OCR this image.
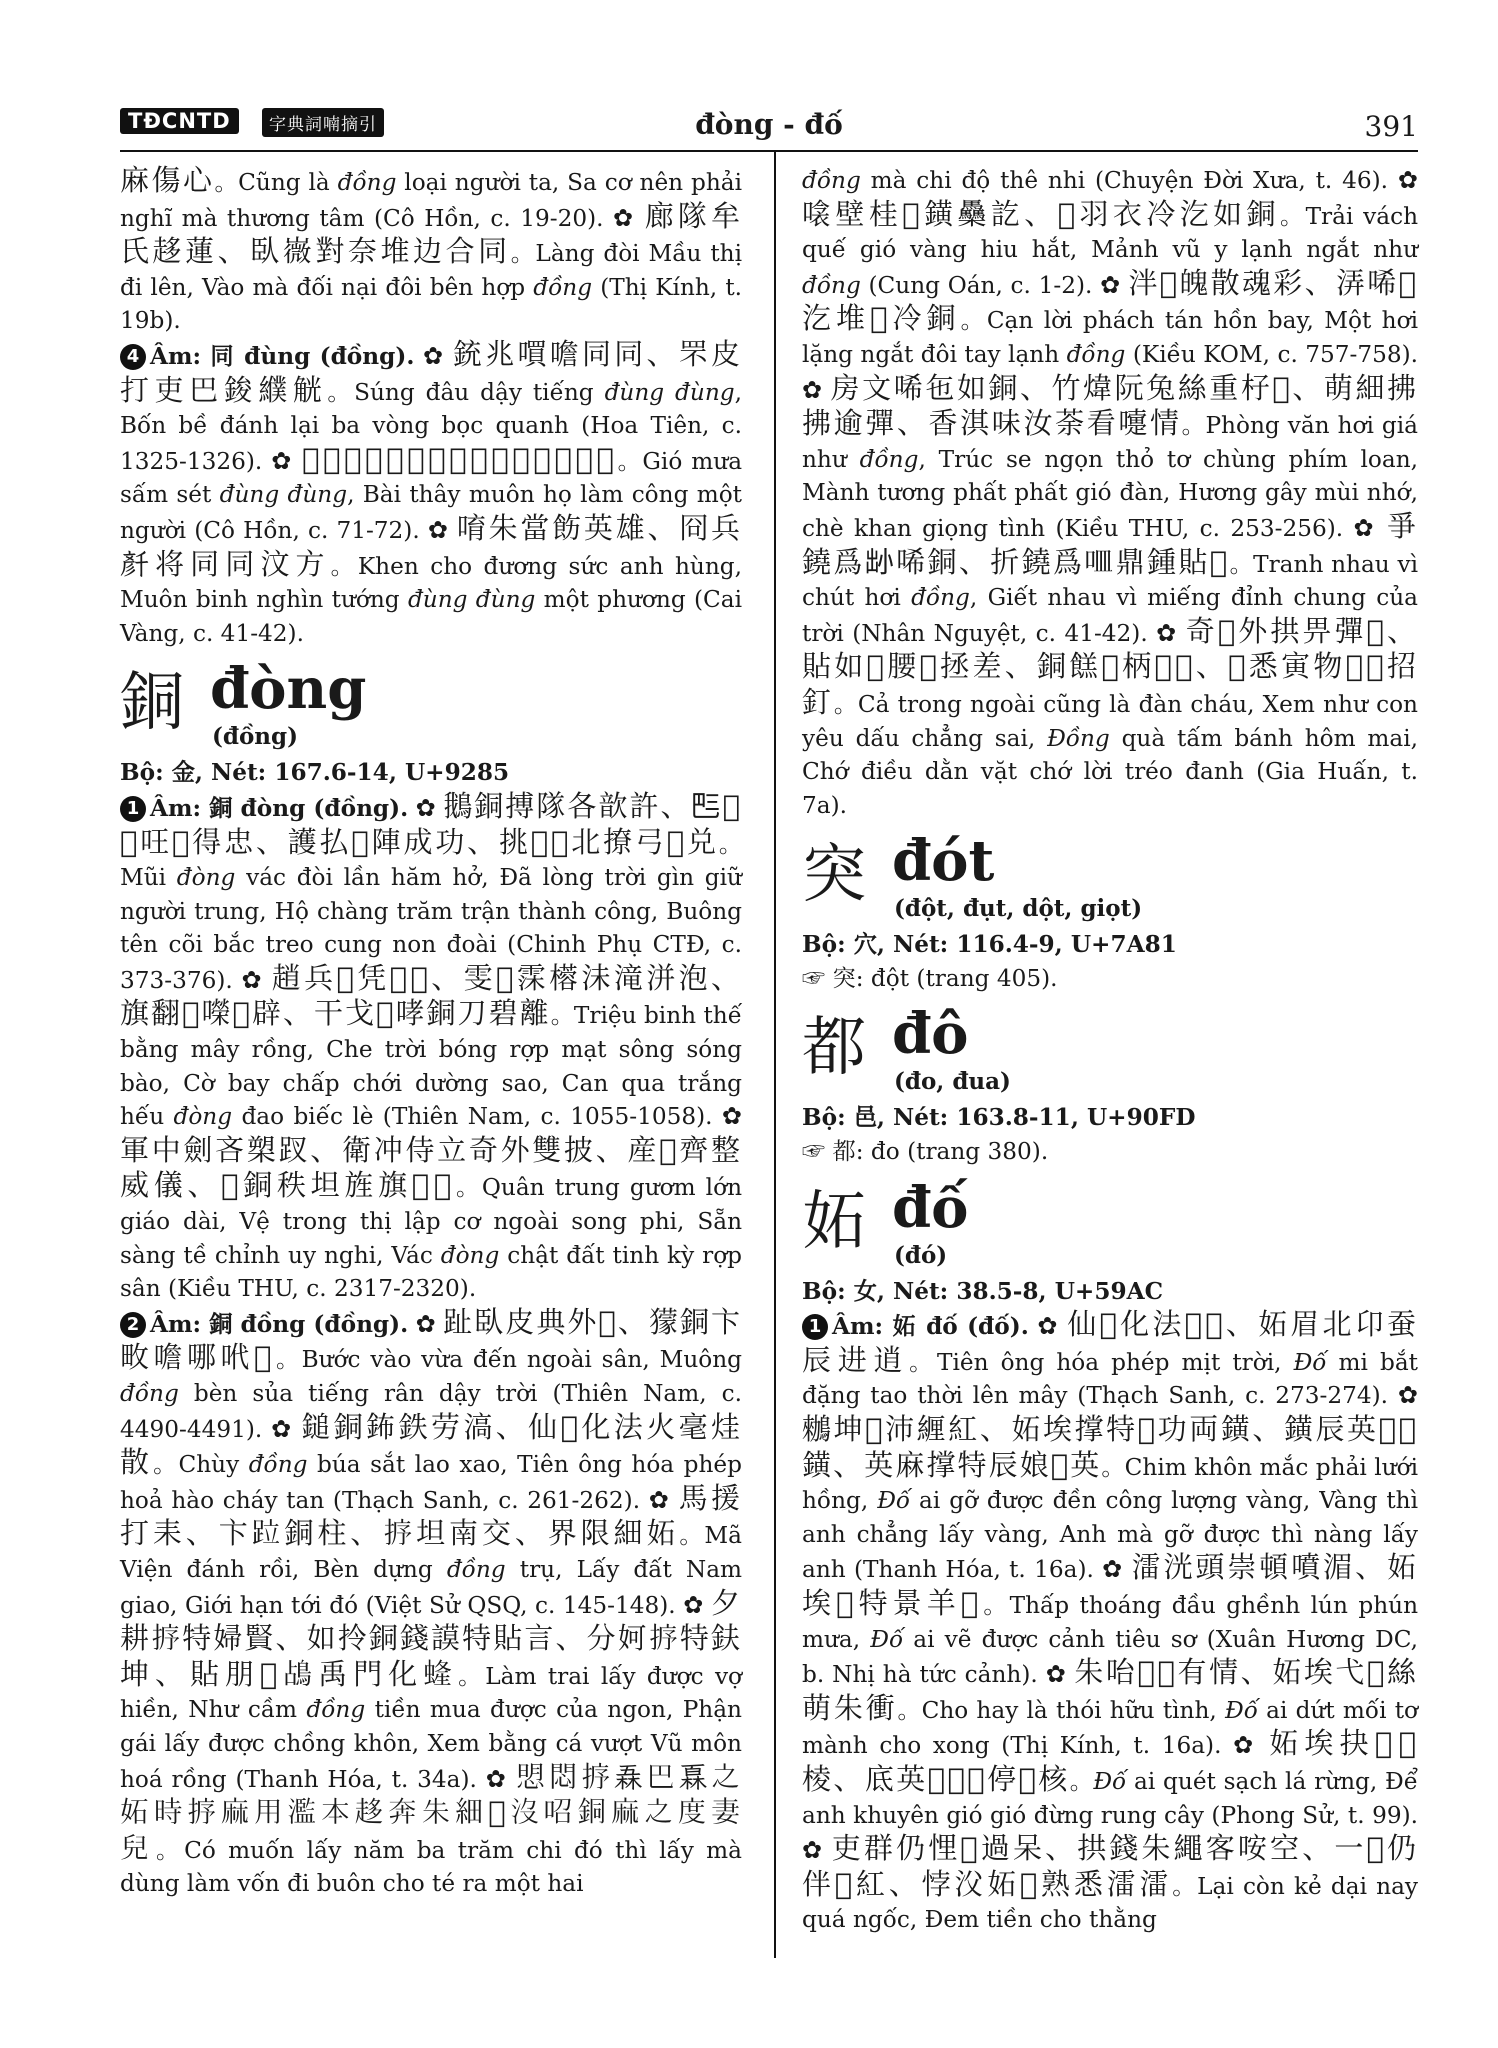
TĐCNTD	字典詞喃摘引	đòng - đố	391

麻傷心。Cũng là đồng loại người ta, Sa cơ nên phải nghĩ mà thương tâm (Cô Hồn, c. 19-20). ✿ 廊隊牟氏趍蓮、臥嶶對奈堆边合同。Làng đòi Mầu thị đi lên, Vào mà đối nại đôi bên hợp đồng (Thị Kính, t. 19b).

4 Âm: 同 đùng (đồng). ✿ 銃兆嘪噡同同、罘皮打吏巴鋑纀觥。Súng đâu dậy tiếng đùng đùng, Bốn bề đánh lại ba vòng bọc quanh (Hoa Tiên, c. 1325-1326). ✿ 𩙌淚霳雳同同、排屍閉戶夕功没𠊛。Gió mưa sấm sét đùng đùng, Bài thây muôn họ làm công một người (Cô Hồn, c. 71-72). ✿ 唷朱當飭英雄、冏兵𠦳将同同汶方。Khen cho đương sức anh hùng, Muôn binh nghìn tướng đùng đùng một phương (Cai Vàng, c. 41-42).

銅 đòng
(đồng)

Bộ: 金, Nét: 167.6-14, U+9285

1 Âm: 銅 đòng (đồng). ✿ 鵝銅搏隊各歆許、𠀧𢆥𡗶㕵𢧚得忠、護払𡓇陣成功、挑𣚵𠡚北撩弓𡛔兑。Mũi đòng vác đòi lần hăm hở, Đã lòng trời gìn giữ người trung, Hộ chàng trăm trận thành công, Buông tên cõi bắc treo cung non đoài (Chinh Phụ CTĐ, c. 373-376). ✿ 趙兵𢾿凭𨘱𧍰、雯𡗶霂㯴沬滝洴泡、旗翻𤉜㘇𧰾辟、干戈𣌝哮銅刀碧離。Triệu binh thế bằng mây rồng, Che trời bóng rợp mạt sông sóng bào, Cờ bay chấp chới dường sao, Can qua trắng hếu đòng đao biếc lè (Thiên Nam, c. 1055-1058). ✿ 軍中劍吝槊䟕、衛冲侍立奇外雙披、産𤗆齊整威儀、𢹣銅秩坦旌旗𣘛𡐙。Quân trung gươm lớn giáo dài, Vệ trong thị lập cơ ngoài song phi, Sẵn sàng tề chỉnh uy nghi, Vác đòng chật đất tinh kỳ rợp sân (Kiều THU, c. 2317-2320).

2 Âm: 銅 đồng (đồng). ✿ 趾臥皮典外𡐙、獴銅卞畋噡哪𠰺𡗶。Bước vào vừa đến ngoài sân, Muông đồng bèn sủa tiếng rân dậy trời (Thiên Nam, c. 4490-4491). ✿ 鎚銅鈽鉄劳滈、仙𦓅化法火毫烓散。Chùy đồng búa sắt lao xao, Tiên ông hóa phép hoả hào cháy tan (Thạch Sanh, c. 261-262). ✿ 馬援打耒、卞𨀎銅柱、𢭸坦南交、界限細妬。Mã Viện đánh rồi, Bèn dựng đồng trụ, Lấy đất Nam giao, Giới hạn tới đó (Việt Sử QSQ, c. 145-148). ✿ 夕耕𢭸特婦賢、如拎銅錢謨特貼言、分妸𢭸特鈇坤、貼朋𠆳𪀄禹門化𧍰。Làm trai lấy được vợ hiền, Như cầm đồng tiền mua được của ngon, Phận gái lấy được chồng khôn, Xem bằng cá vượt Vũ môn hoá rồng (Thanh Hóa, t. 34a). ✿ 𢜏悶𢭸𠄻巴𤾓之妬時𢭸麻用濫本趍奔朱細𠺵沒𠰉銅麻之度妻兒。Có muốn lấy năm ba trăm chi đó thì lấy mà dùng làm vốn đi buôn cho té ra một hai

đồng mà chi độ thê nhi (Chuyện Đời Xưa, t. 46). ✿ 𠹸壁桂𩙌鐄䯂訖、𠒥羽衣冷汔如銅。Trải vách quế gió vàng hiu hắt, Mảnh vũ y lạnh ngắt như đồng (Cung Oán, c. 1-2). ✿ 泮𡀳魄散魂彩、㳥唏𣼲汔堆𢬣冷銅。Cạn lời phách tán hồn bay, Một hơi lặng ngắt đôi tay lạnh đồng (Kiều KOM, c. 757-758). ✿ 房文唏㐌如銅、竹煒阮兔絲重杍𩀳、萌細拂拂逾彈、香淇味汝荼看嚏情。Phòng văn hơi giá như đồng, Trúc se ngọn thỏ tơ chùng phím loan, Mành tương phất phất gió đàn, Hương gây mùi nhớ, chè khan giọng tình (Kiều THU, c. 253-256). ✿ 爭鐃爲𡭧唏銅、折鐃爲𠰘鼎鍾貼𡗶。Tranh nhau vì chút hơi đồng, Giết nhau vì miếng đỉnh chung của trời (Nhân Nguyệt, c. 41-42). ✿ 奇𦹵外拱畀彈𡥙、貼如𥘷腰𤍶拯差、銅餻𦚖柄𣈕𣈖、𦒹悉寅物𦒹𡀳招釘。Cả trong ngoài cũng là đàn cháu, Xem như con yêu dấu chẳng sai, Đồng quà tấm bánh hôm mai, Chớ điều dằn vặt chớ lời tréo đanh (Gia Huấn, t. 7a).

突 đót
(đột, đụt, dột, giọt)

Bộ: 穴, Nét: 116.4-9, U+7A81

☞ 突: đột (trang 405).

都 đô
(đo, đua)

Bộ: 邑, Nét: 163.8-11, U+90FD

☞ 都: đo (trang 380).

妬 đố
(đó)

Bộ: 女, Nét: 38.5-8, U+59AC

1 Âm: 妬 đố (đố). ✿ 仙𦓅化法𩄲𡗶、妬眉北卬蚕辰进逍。Tiên ông hóa phép mịt trời, Đố mi bắt đặng tao thời lên mây (Thạch Sanh, c. 273-274). ✿ 䳵坤𪓇沛緾紅、妬埃撑特𡊲功両鐄、鐄辰英𢭸𢭸鐄、英麻撑特辰娘𢭸英。Chim khôn mắc phải lưới hồng, Đố ai gỡ được đền công lượng vàng, Vàng thì anh chẳng lấy vàng, Anh mà gỡ được thì nàng lấy anh (Thanh Hóa, t. 16a). ✿ 㵢洸頭崇頓噴湄、妬埃𦘧特景羊𨆢。Thấp thoáng đầu ghềnh lún phún mưa, Đố ai vẽ được cảnh tiêu sơ (Xuân Hương DC, b. Nhị hà tức cảnh). ✿ 朱咍𠅜𠰉有情、妬埃弋𦀊絲萌朱衝。Cho hay là thói hữu tình, Đố ai dứt mối tơ mành cho xong (Thị Kính, t. 16a). ✿ 妬埃抉𢹣𦲾棱、底英𠹾𢬺𢬺停𣘛核。Đố ai quét sạch lá rừng, Để anh khuyên gió gió đừng rung cây (Phong Sử, t. 99). ✿ 吏群仍悝𡀡過呆、拱錢朱繩客咹空、一𥚯仍伴𩙌紅、悖㳇妬𡮣熟悉㵢㵢。Lại còn kẻ dại nay quá ngốc, Đem tiền cho thằng
